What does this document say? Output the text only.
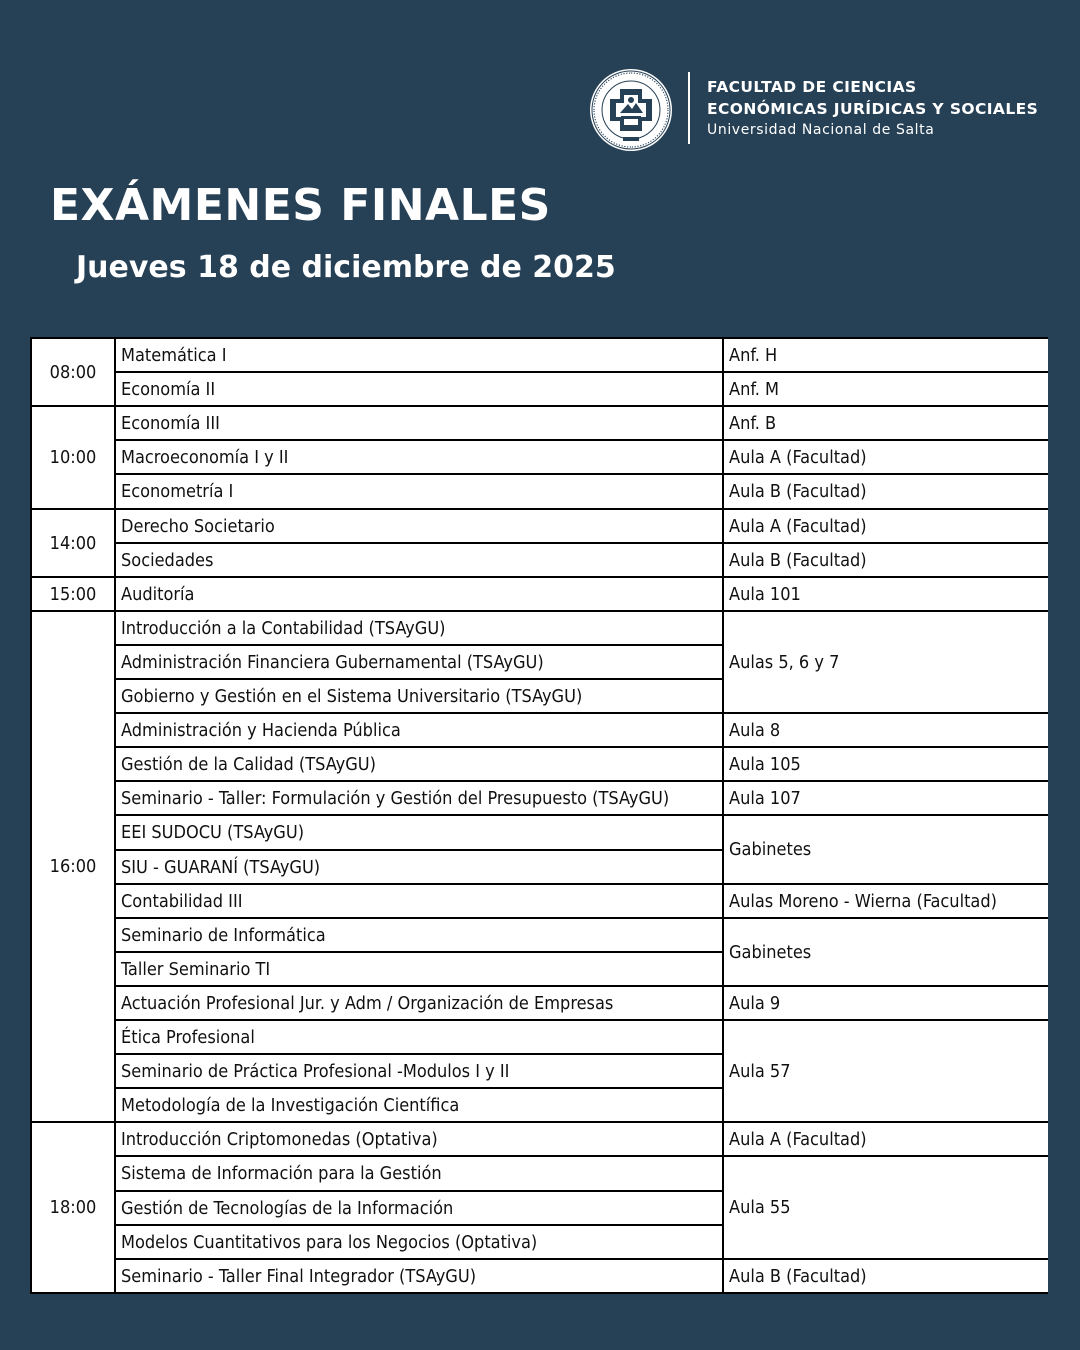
FACULTAD DE CIENCIAS
ECONÓMICAS JURÍDICAS Y SOCIALES
Universidad Nacional de Salta
EXÁMENES FINALES
Jueves 18 de diciembre de 2025
08:00
10:00
14:00
15:00
16:00
18:00
Matemática I
Economía II
Economía III
Macroeconomía I y II
Econometría I
Derecho Societario
Sociedades
Auditoría
Introducción a la Contabilidad (TSAyGU)
Administración Financiera Gubernamental (TSAyGU)
Gobierno y Gestión en el Sistema Universitario (TSAyGU)
Administración y Hacienda Pública
Gestión de la Calidad (TSAyGU)
Seminario - Taller: Formulación y Gestión del Presupuesto (TSAyGU)
EEI SUDOCU (TSAyGU)
SIU - GUARANÍ (TSAyGU)
Contabilidad III
Seminario de Informática
Taller Seminario TI
Actuación Profesional Jur. y Adm / Organización de Empresas
Ética Profesional
Seminario de Práctica Profesional -Modulos I y II
Metodología de la Investigación Científica
Introducción Criptomonedas (Optativa)
Sistema de Información para la Gestión
Gestión de Tecnologías de la Información
Modelos Cuantitativos para los Negocios (Optativa)
Seminario - Taller Final Integrador (TSAyGU)
Anf. H
Anf. M
Anf. B
Aula A (Facultad)
Aula B (Facultad)
Aula A (Facultad)
Aula B (Facultad)
Aula 101
Aulas 5, 6 y 7
Aula 8
Aula 105
Aula 107
Gabinetes
Aulas Moreno - Wierna (Facultad)
Gabinetes
Aula 9
Aula 57
Aula A (Facultad)
Aula 55
Aula B (Facultad)
